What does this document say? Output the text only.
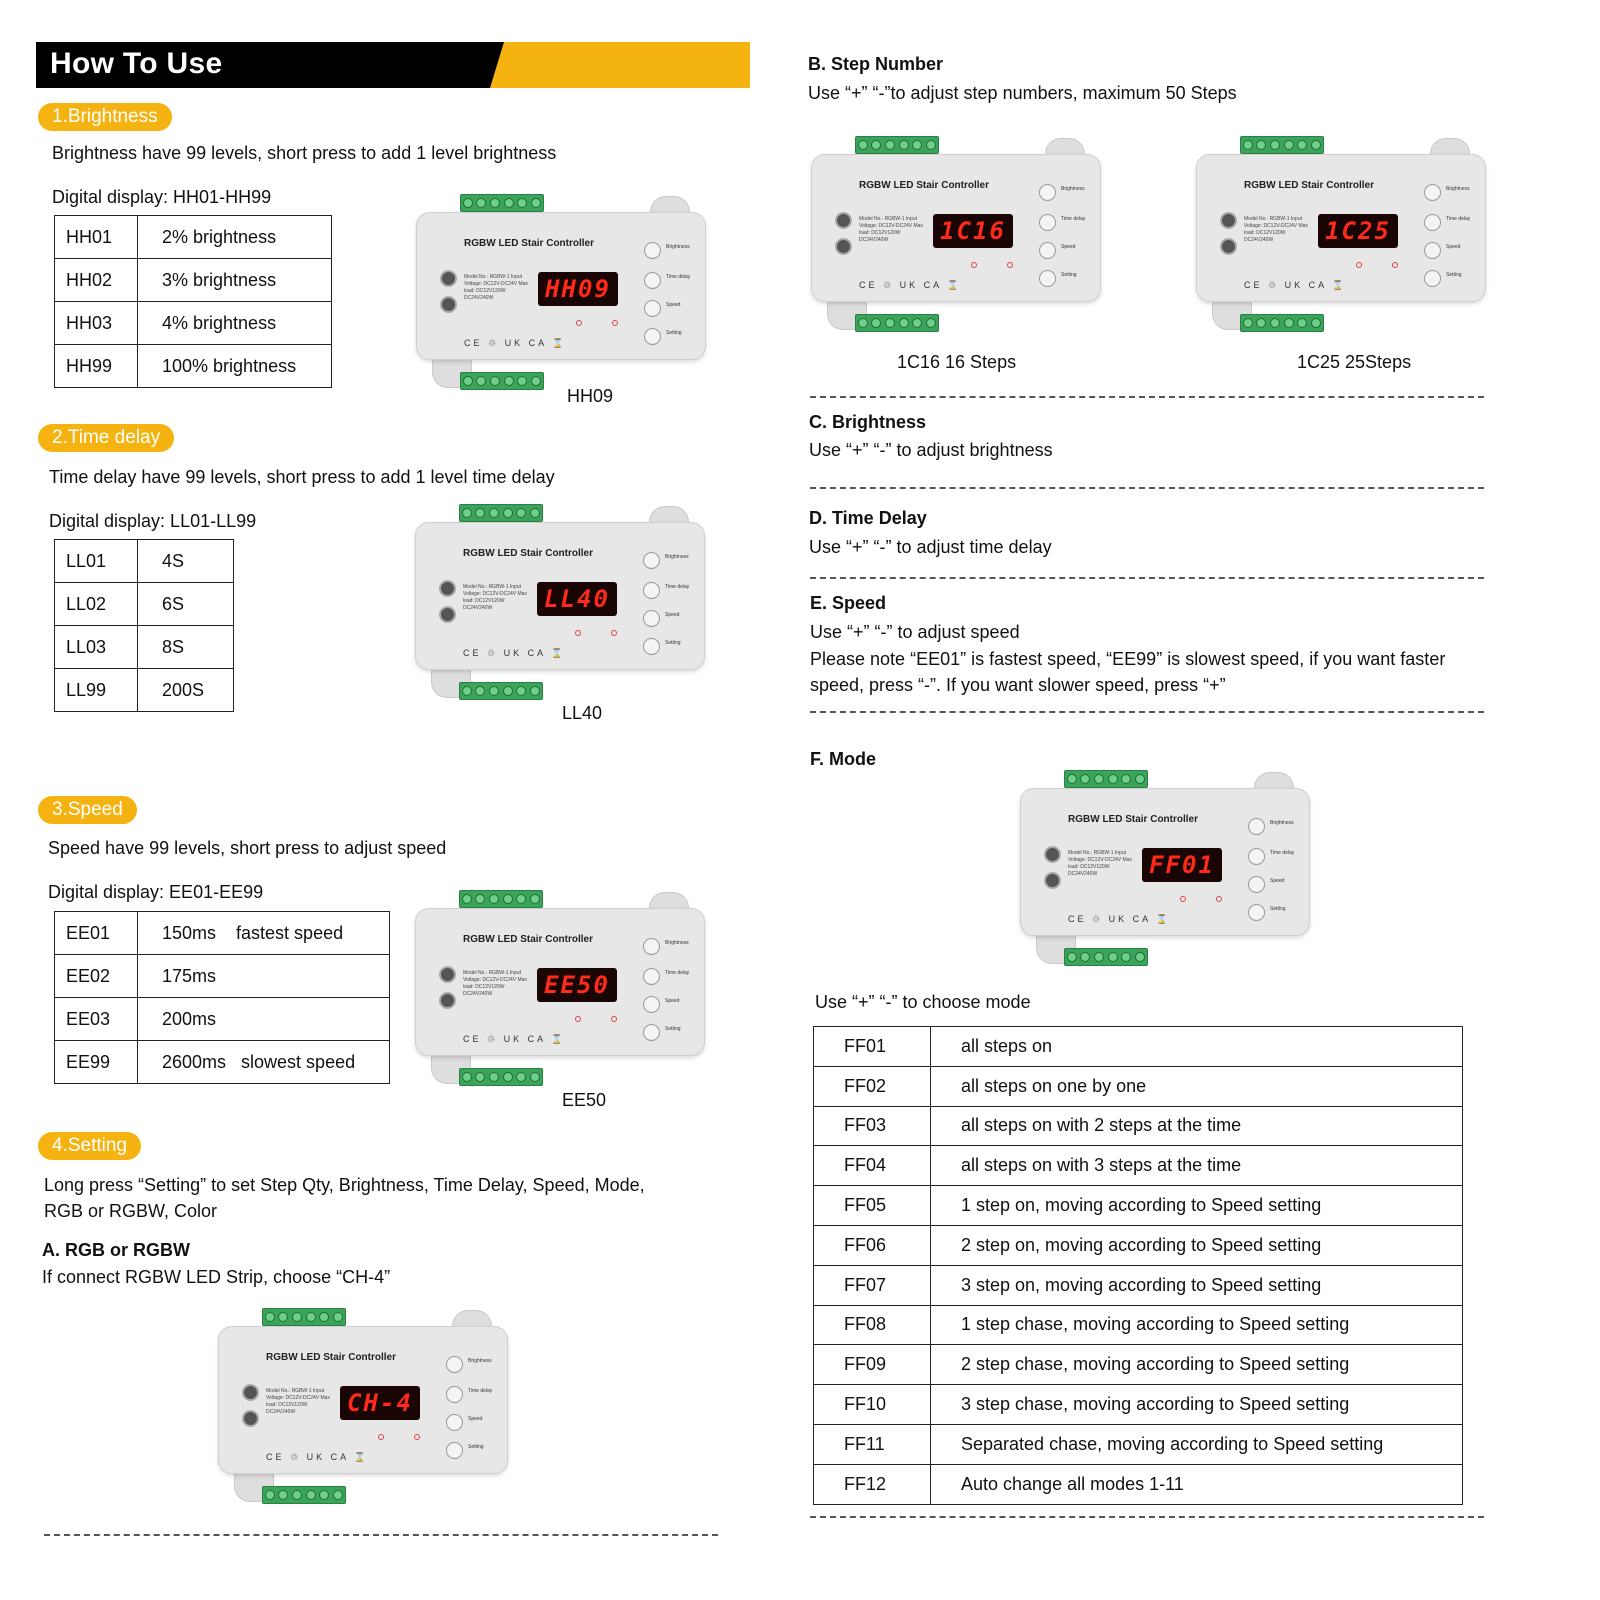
How To Use
1.Brightness
Brightness have 99 levels, short press to add 1 level brightness
Digital display: HH01-HH99
HH01	2% brightness
HH02	3% brightness
HH03	4% brightness
HH99	100% brightness
RGBW LED Stair Controller
Model No.: RGBW-1 Input Voltage: DC12V-DC24V Max load: DC12V120W DC24V240W	HH09
Brightness
Time delay
Speed
Setting
CE ♲ UK CA ⌛
HH09
2.Time delay
Time delay have 99 levels, short press to add 1 level time delay
Digital display: LL01-LL99
LL01	4S
LL02	6S
LL03	8S
LL99	200S
RGBW LED Stair Controller
Model No.: RGBW-1 Input Voltage: DC12V-DC24V Max load: DC12V120W DC24V240W	LL40
Brightness
Time delay
Speed
Setting
CE ♲ UK CA ⌛
LL40
3.Speed
Speed have 99 levels, short press to adjust speed
Digital display: EE01-EE99
EE01	150ms    fastest speed
EE02	175ms
EE03	200ms
EE99	2600ms   slowest speed
RGBW LED Stair Controller
Model No.: RGBW-1 Input Voltage: DC12V-DC24V Max load: DC12V120W DC24V240W	EE50
Brightness
Time delay
Speed
Setting
CE ♲ UK CA ⌛
EE50
4.Setting
Long press “Setting” to set Step Qty, Brightness, Time Delay, Speed, Mode, RGB or RGBW, Color
A. RGB or RGBW
If connect RGBW LED Strip, choose “CH-4”
RGBW LED Stair Controller
Model No.: RGBW-1 Input Voltage: DC12V-DC24V Max load: DC12V120W DC24V240W	CH-4
Brightness
Time delay
Speed
Setting
CE ♲ UK CA ⌛
B. Step Number
Use “+” “-”to adjust step numbers, maximum 50 Steps
RGBW LED Stair Controller
Model No.: RGBW-1 Input Voltage: DC12V-DC24V Max load: DC12V120W DC24V240W	1C16
Brightness
Time delay
Speed
Setting
CE ♲ UK CA ⌛
1C16 16 Steps
RGBW LED Stair Controller
Model No.: RGBW-1 Input Voltage: DC12V-DC24V Max load: DC12V120W DC24V240W	1C25
Brightness
Time delay
Speed
Setting
CE ♲ UK CA ⌛
1C25 25Steps
C. Brightness
Use “+” “-” to adjust brightness
D. Time Delay
Use “+” “-” to adjust time delay
E. Speed
Use “+” “-” to adjust speed
Please note “EE01” is fastest speed, “EE99” is slowest speed, if you want faster speed, press “-”. If you want slower speed, press “+”
F. Mode
RGBW LED Stair Controller
Model No.: RGBW-1 Input Voltage: DC12V-DC24V Max load: DC12V120W DC24V240W	FF01
Brightness
Time delay
Speed
Setting
CE ♲ UK CA ⌛
Use “+” “-” to choose mode
FF01	all steps on
FF02	all steps on one by one
FF03	all steps on with 2 steps at the time
FF04	all steps on with 3 steps at the time
FF05	1 step on, moving according to Speed setting
FF06	2 step on, moving according to Speed setting
FF07	3 step on, moving according to Speed setting
FF08	1 step chase, moving according to Speed setting
FF09	2 step chase, moving according to Speed setting
FF10	3 step chase, moving according to Speed setting
FF11	Separated chase, moving according to Speed setting
FF12	Auto change all modes 1-11
